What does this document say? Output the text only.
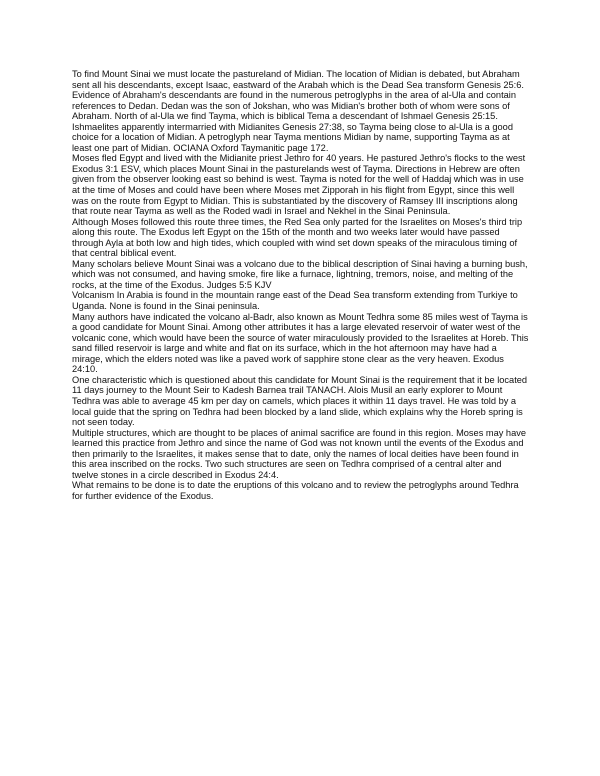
To find Mount Sinai we must locate the pastureland of Midian. The location of Midian is debated, but Abraham sent all his descendants, except Isaac, eastward of the Arabah which is the Dead Sea transform Genesis 25:6. Evidence of Abraham's descendants are found in the numerous petroglyphs in the area of al-Ula and contain references to Dedan. Dedan was the son of Jokshan, who was Midian's brother both of whom were sons of Abraham. North of al-Ula we find Tayma, which is biblical Tema a descendant of Ishmael Genesis 25:15. Ishmaelites apparently intermarried with Midianites Genesis 27:38, so Tayma being close to al-Ula is a good choice for a location of Midian. A petroglyph near Tayma mentions Midian by name, supporting Tayma as at least one part of Midian. OCIANA Oxford Taymanitic page 172.

Moses fled Egypt and lived with the Midianite priest Jethro for 40 years. He pastured Jethro's flocks to the west Exodus 3:1 ESV, which places Mount Sinai in the pasturelands west of Tayma. Directions in Hebrew are often given from the observer looking east so behind is west. Tayma is noted for the well of Haddaj which was in use at the time of Moses and could have been where Moses met Zipporah in his flight from Egypt, since this well was on the route from Egypt to Midian. This is substantiated by the discovery of Ramsey III inscriptions along that route near Tayma as well as the Roded wadi in Israel and Nekhel in the Sinai Peninsula.

Although Moses followed this route three times, the Red Sea only parted for the Israelites on Moses's third trip along this route. The Exodus left Egypt on the 15th of the month and two weeks later would have passed through Ayla at both low and high tides, which coupled with wind set down speaks of the miraculous timing of that central biblical event.

Many scholars believe Mount Sinai was a volcano due to the biblical description of Sinai having a burning bush, which was not consumed, and having smoke, fire like a furnace, lightning, tremors, noise, and melting of the rocks, at the time of the Exodus. Judges 5:5 KJV

Volcanism In Arabia is found in the mountain range east of the Dead Sea transform extending from Turkiye to Uganda. None is found in the Sinai peninsula.

Many authors have indicated the volcano al-Badr, also known as Mount Tedhra some 85 miles west of Tayma is a good candidate for Mount Sinai. Among other attributes it has a large elevated reservoir of water west of the volcanic cone, which would have been the source of water miraculously provided to the Israelites at Horeb. This sand filled reservoir is large and white and flat on its surface, which in the hot afternoon may have had a mirage, which the elders noted was like a paved work of sapphire stone clear as the very heaven. Exodus 24:10.

One characteristic which is questioned about this candidate for Mount Sinai is the requirement that it be located 11 days journey to the Mount Seir to Kadesh Barnea trail TANACH. Alois Musil an early explorer to Mount Tedhra was able to average 45 km per day on camels, which places it within 11 days travel. He was told by a local guide that the spring on Tedhra had been blocked by a land slide, which explains why the Horeb spring is not seen today.

Multiple structures, which are thought to be places of animal sacrifice are found in this region. Moses may have learned this practice from Jethro and since the name of God was not known until the events of the Exodus and then primarily to the Israelites, it makes sense that to date, only the names of local deities have been found in this area inscribed on the rocks. Two such structures are seen on Tedhra comprised of a central alter and twelve stones in a circle described in Exodus 24:4.

What remains to be done is to date the eruptions of this volcano and to review the petroglyphs around Tedhra for further evidence of the Exodus.
